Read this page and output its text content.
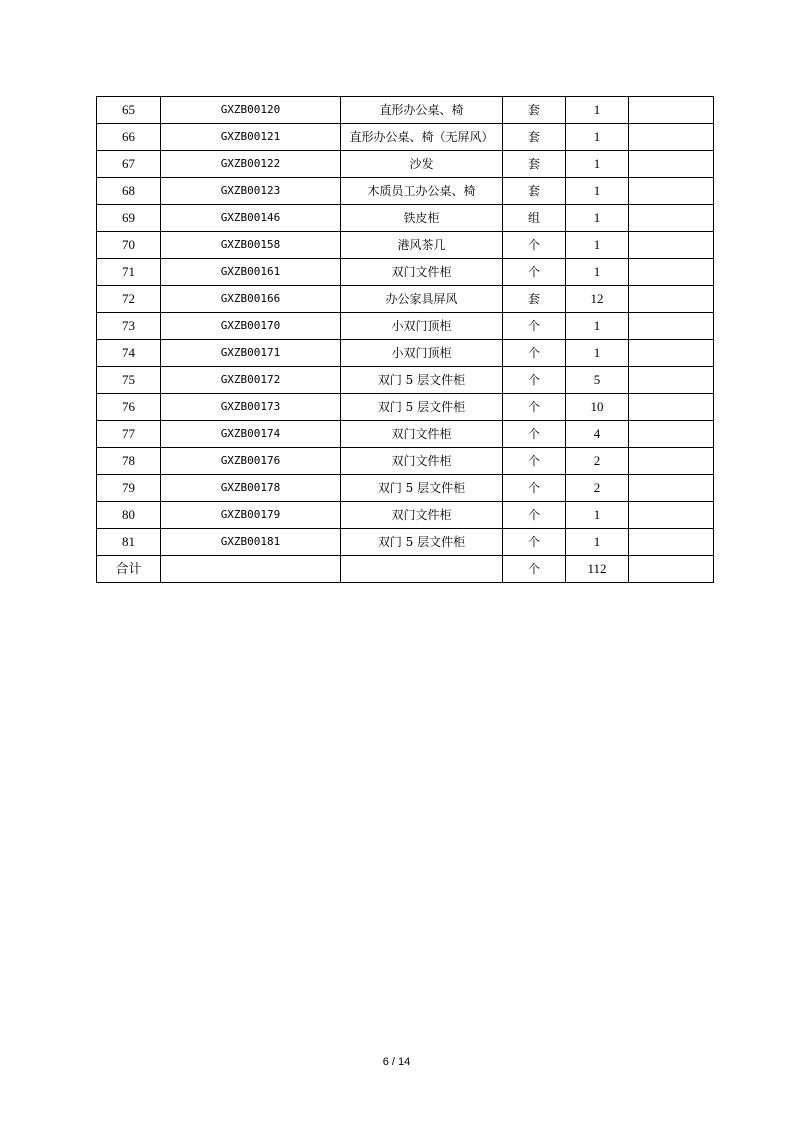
65	GXZB00120	直形办公桌、椅	套	1	
66	GXZB00121	直形办公桌、椅（无屏风）	套	1	
67	GXZB00122	沙发	套	1	
68	GXZB00123	木质员工办公桌、椅	套	1	
69	GXZB00146	铁皮柜	组	1	
70	GXZB00158	港风茶几	个	1	
71	GXZB00161	双门文件柜	个	1	
72	GXZB00166	办公家具屏风	套	12	
73	GXZB00170	小双门顶柜	个	1	
74	GXZB00171	小双门顶柜	个	1	
75	GXZB00172	双门 5 层文件柜	个	5	
76	GXZB00173	双门 5 层文件柜	个	10	
77	GXZB00174	双门文件柜	个	4	
78	GXZB00176	双门文件柜	个	2	
79	GXZB00178	双门 5 层文件柜	个	2	
80	GXZB00179	双门文件柜	个	1	
81	GXZB00181	双门 5 层文件柜	个	1	
合计			个	112	
6 / 14
